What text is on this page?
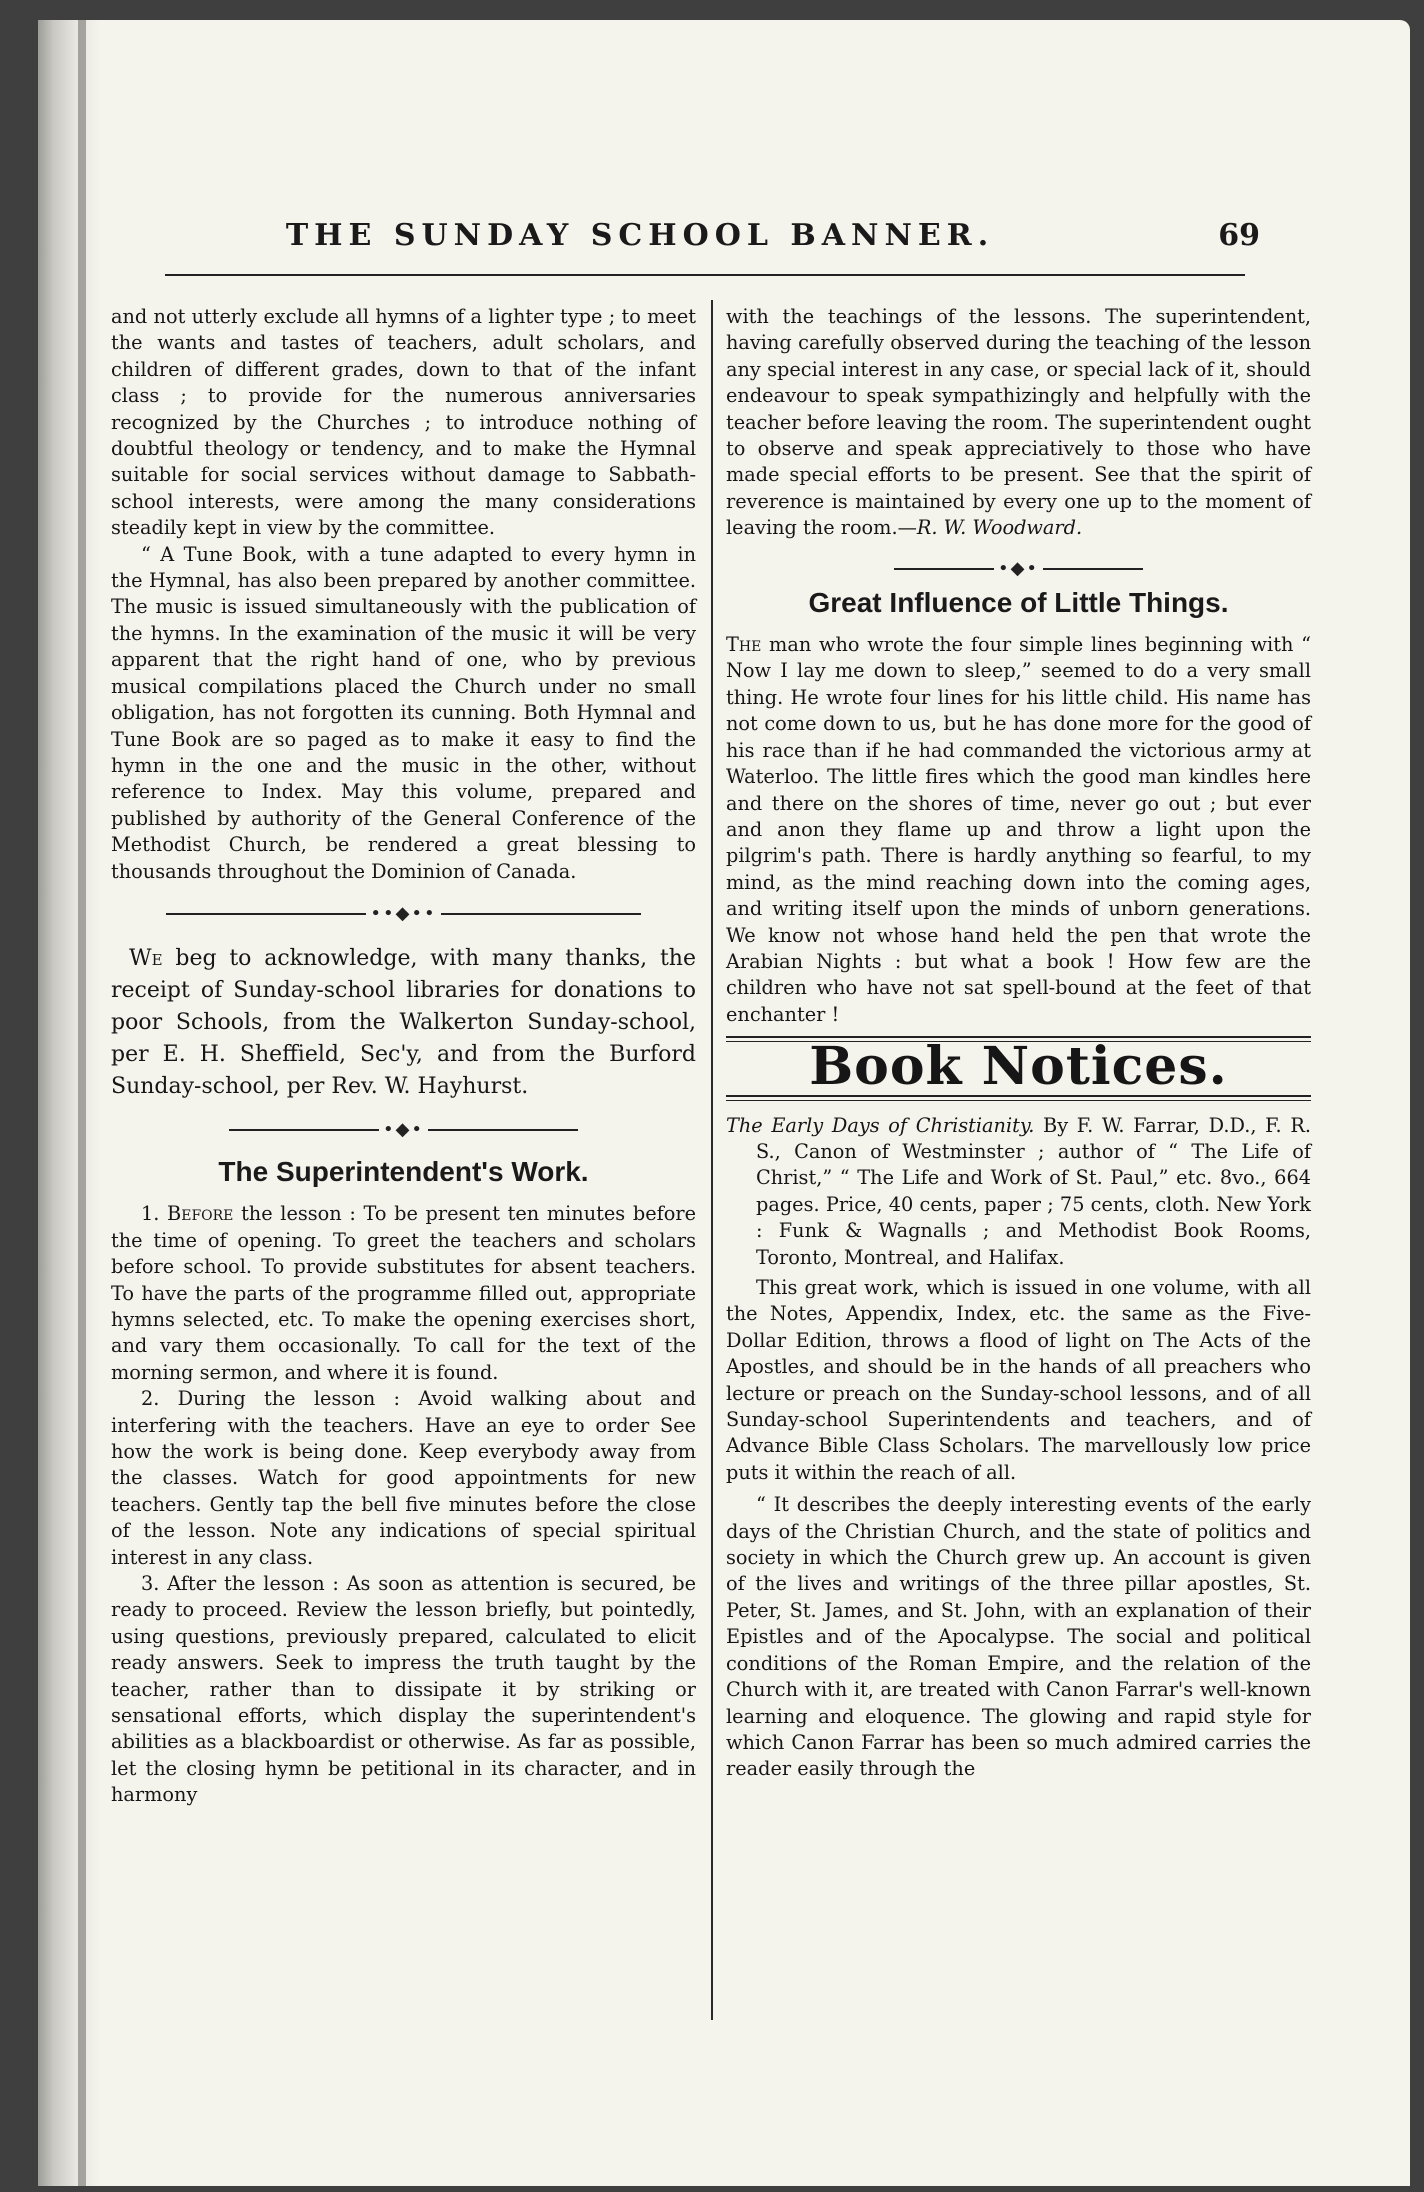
THE SUNDAY SCHOOL BANNER.	69

and not utterly exclude all hymns of a lighter type ; to meet the wants and tastes of teachers, adult scholars, and children of different grades, down to that of the infant class ; to provide for the numerous anniversaries recognized by the Churches ; to introduce nothing of doubtful theology or tendency, and to make the Hymnal suitable for social services without damage to Sabbath-school interests, were among the many considerations steadily kept in view by the committee.

“ A Tune Book, with a tune adapted to every hymn in the Hymnal, has also been prepared by another committee. The music is issued simultaneously with the publication of the hymns. In the examination of the music it will be very apparent that the right hand of one, who by previous musical compilations placed the Church under no small obligation, has not forgotten its cunning. Both Hymnal and Tune Book are so paged as to make it easy to find the hymn in the one and the music in the other, without reference to Index. May this volume, prepared and published by authority of the General Conference of the Methodist Church, be rendered a great blessing to thousands throughout the Dominion of Canada.

••◆••

We beg to acknowledge, with many thanks, the receipt of Sunday-school libraries for donations to poor Schools, from the Walkerton Sunday-school, per E. H. Sheffield, Sec'y, and from the Burford Sunday-school, per Rev. W. Hayhurst.

•◆•
The Superintendent's Work.

1. Before the lesson : To be present ten minutes before the time of opening. To greet the teachers and scholars before school. To provide substitutes for absent teachers. To have the parts of the programme filled out, appropriate hymns selected, etc. To make the opening exercises short, and vary them occasionally. To call for the text of the morning sermon, and where it is found.

2. During the lesson : Avoid walking about and interfering with the teachers. Have an eye to order See how the work is being done. Keep everybody away from the classes. Watch for good appointments for new teachers. Gently tap the bell five minutes before the close of the lesson. Note any indications of special spiritual interest in any class.

3. After the lesson : As soon as attention is secured, be ready to proceed. Review the lesson briefly, but pointedly, using questions, previously prepared, calculated to elicit ready answers. Seek to impress the truth taught by the teacher, rather than to dissipate it by striking or sensational efforts, which display the superintendent's abilities as a blackboardist or otherwise. As far as possible, let the closing hymn be petitional in its character, and in harmony

with the teachings of the lessons. The superintendent, having carefully observed during the teaching of the lesson any special interest in any case, or special lack of it, should endeavour to speak sympathizingly and helpfully with the teacher before leaving the room. The superintendent ought to observe and speak appreciatively to those who have made special efforts to be present. See that the spirit of reverence is maintained by every one up to the moment of leaving the room.—R. W. Woodward.

•◆•
Great Influence of Little Things.

The man who wrote the four simple lines beginning with “ Now I lay me down to sleep,” seemed to do a very small thing. He wrote four lines for his little child. His name has not come down to us, but he has done more for the good of his race than if he had commanded the victorious army at Waterloo. The little fires which the good man kindles here and there on the shores of time, never go out ; but ever and anon they flame up and throw a light upon the pilgrim's path. There is hardly anything so fearful, to my mind, as the mind reaching down into the coming ages, and writing itself upon the minds of unborn generations. We know not whose hand held the pen that wrote the Arabian Nights : but what a book ! How few are the children who have not sat spell-bound at the feet of that enchanter !

Book Notices.

The Early Days of Christianity. By F. W. Farrar, D.D., F. R. S., Canon of Westminster ; author of “ The Life of Christ,” “ The Life and Work of St. Paul,” etc. 8vo., 664 pages. Price, 40 cents, paper ; 75 cents, cloth. New York : Funk & Wagnalls ; and Methodist Book Rooms, Toronto, Montreal, and Halifax.

This great work, which is issued in one volume, with all the Notes, Appendix, Index, etc. the same as the Five-Dollar Edition, throws a flood of light on The Acts of the Apostles, and should be in the hands of all preachers who lecture or preach on the Sunday-school lessons, and of all Sunday-school Superintendents and teachers, and of Advance Bible Class Scholars. The marvellously low price puts it within the reach of all.

“ It describes the deeply interesting events of the early days of the Christian Church, and the state of politics and society in which the Church grew up. An account is given of the lives and writings of the three pillar apostles, St. Peter, St. James, and St. John, with an explanation of their Epistles and of the Apocalypse. The social and political conditions of the Roman Empire, and the relation of the Church with it, are treated with Canon Farrar's well-known learning and eloquence. The glowing and rapid style for which Canon Farrar has been so much admired carries the reader easily through the
